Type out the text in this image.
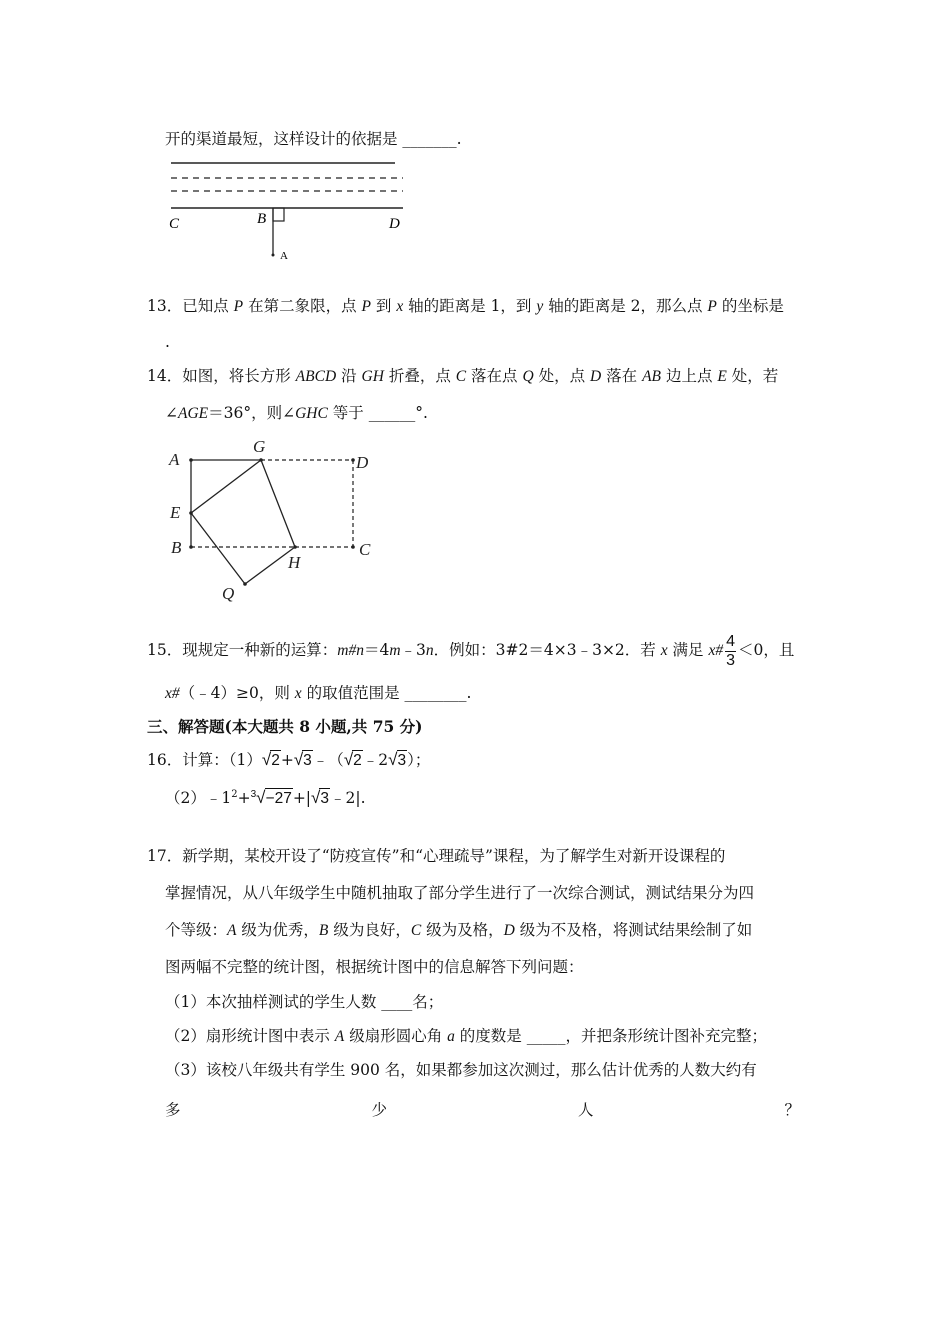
开的渠道最短，这样设计的依据是 _______.
C	B	D
A
13．已知点 P 在第二象限，点 P 到 x 轴的距离是 1，到 y 轴的距离是 2，那么点 P 的坐标是
.
14．如图，将长方形 ABCD 沿 GH 折叠，点 C 落在点 Q 处，点 D 落在 AB 边上点 E 处，若
∠AGE＝36°，则∠GHC 等于 ______°.
A
G
D
E
B
H
C
Q
15．现规定一种新的运算：m#n＝4m﹣3n．例如：3#2＝4×3﹣3×2．若 x 满足 x# $\frac{4}{3} <0$，且
x#（﹣4）≥0，则 x 的取值范围是 ________.
三、解答题(本大题共 8 小题,共 75 分)
16．计算：（1）√2+√3﹣（√2﹣2√3）；
$(2)﹣1^2+^3√-27+|√3﹣2|$.
17．新学期，某校开设了“防疫宣传”和“心理疏导”课程，为了解学生对新开设课程的
掌握情况，从八年级学生中随机抽取了部分学生进行了一次综合测试，测试结果分为四
个等级：A 级为优秀，B 级为良好，C 级为及格，D 级为不及格，将测试结果绘制了如
图两幅不完整的统计图，根据统计图中的信息解答下列问题：
（1）本次抽样测试的学生人数 ____名；
（2）扇形统计图中表示 A 级扇形圆心角 a 的度数是 _____，并把条形统计图补充完整；
（3）该校八年级共有学生 900 名，如果都参加这次测过，那么估计优秀的人数大约有
多	少	人	？
